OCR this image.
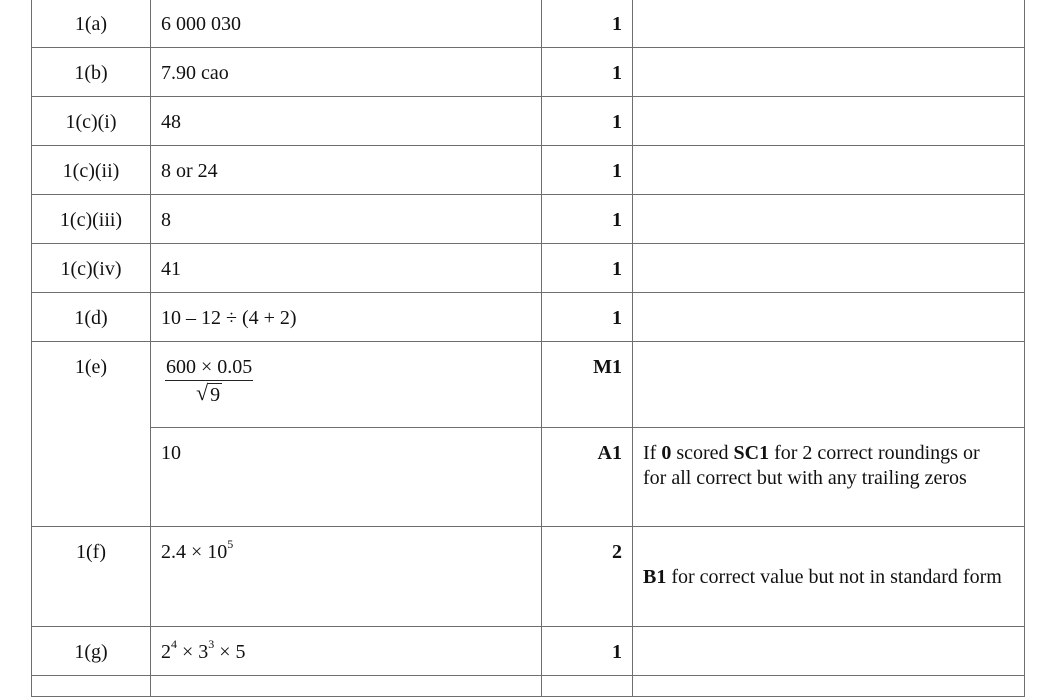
1(a)	6 000 030	1	
1(b)	7.90 cao	1	
1(c)(i)	48	1	
1(c)(ii)	8 or 24	1	
1(c)(iii)	8	1	
1(c)(iv)	41	1	
1(d)	10 – 12 ÷ (4 + 2)	1	
1(e)	$\frac{600 \times 0.05}{√ 9}$	M1	
	10	A1	If 0 scored SC1 for 2 correct roundings or for all correct but with any trailing zeros
1(f)	$2.4 \times 10^5$	2	B1 for correct value but not in standard form
1(g)	$2^4 \times 3^3 \times 5$	1	
